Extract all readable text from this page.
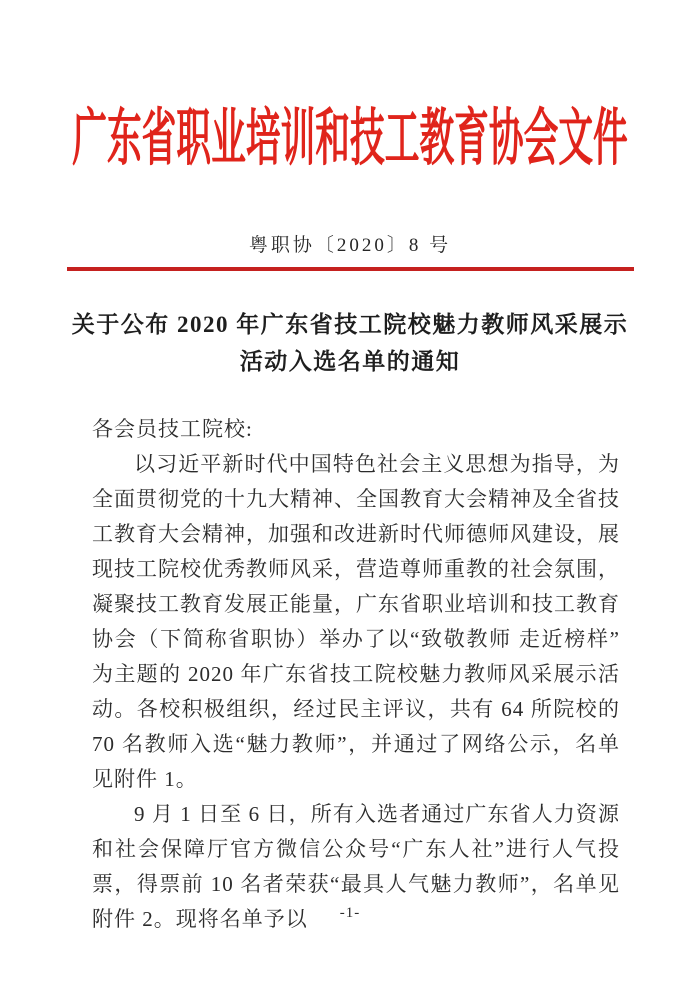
广东省职业培训和技工教育协会文件
粤职协〔2020〕8 号
关于公布 2020 年广东省技工院校魅力教师风采展示
活动入选名单的通知

各会员技工院校:

以习近平新时代中国特色社会主义思想为指导，为全面贯彻党的十九大精神、全国教育大会精神及全省技工教育大会精神，加强和改进新时代师德师风建设，展现技工院校优秀教师风采，营造尊师重教的社会氛围，凝聚技工教育发展正能量，广东省职业培训和技工教育协会（下简称省职协）举办了以“致敬教师 走近榜样”为主题的 2020 年广东省技工院校魅力教师风采展示活动。各校积极组织，经过民主评议，共有 64 所院校的 70 名教师入选“魅力教师”，并通过了网络公示，名单见附件 1。

9 月 1 日至 6 日，所有入选者通过广东省人力资源和社会保障厅官方微信公众号“广东人社”进行人气投票，得票前 10 名者荣获“最具人气魅力教师”，名单见附件 2。现将名单予以	-1-
